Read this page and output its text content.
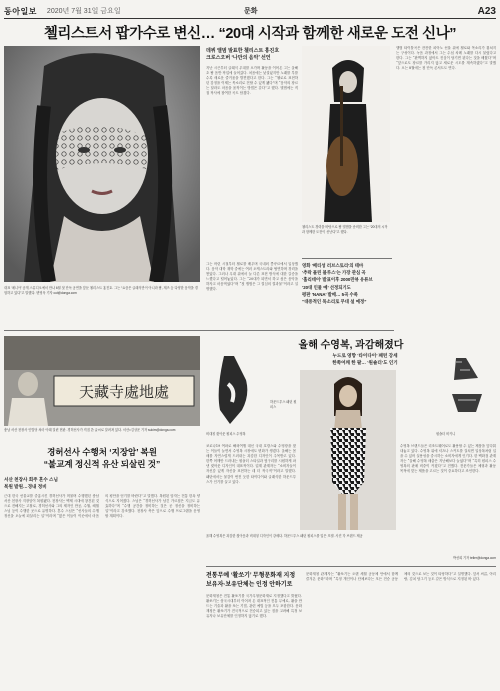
동아일보 2020년 7월 31일 금요일	문화	A23
첼리스트서 팝가수로 변신… “20대 시작과 함께한 새로운 도전 신나”
대표 ‘매니아’ 공개 스튜디오에서 만나 6월 첫 단독 공연을 앞둔 첼리스트 홍진호. 그는 “요즘은 클래식만이 아니라 팝, 재즈 등 다양한 음악을 경험하고 있다”고 말했다. 변영욱 기자 cut@donga.com
데뷔 앨범 발표한 첼리스트 홍진호
크로스오버 ‘나만의 음악’ 선언
지난 시즌부터 클래식 무대를 오가며 활동을 이어온 그는 올해 초 팝 음반 작업에 들어갔다. 처음에는 낯설었지만 노래를 부를수록 새로운 즐거움을 발견했다고 한다. 그는 “첼로로 표현하던 감정을 이제는 목소리로 전할 수 있게 됐다”며 “음악의 장르는 달라도 마음을 움직이는 방법은 같다”고 했다. 앨범에는 직접 작사에 참여한 곡도 담겼다.
첼리스트 경력을 바탕으로 팝 앨범을 준비한 그는 “20대의 시작과 함께한 도전이 신난다”고 했다.
앨범 타이틀곡은 잔잔한 피아노 선율 위에 첼로와 목소리가 겹쳐지는 구성이다. 녹음 과정에서 그는 수십 차례 노래를 다시 불렀다고 한다. 그는 “완벽하지 않아도 진심이 담기면 된다는 것을 배웠다”며 “앞으로도 장르를 가리지 않고 새로운 시도를 계속하겠다”고 말했다. 오는 8월에는 첫 단독 콘서트도 연다.
영화 ‘베티성 러브스토리’의 테마
‘추락 몰린 블루스’는 가장 관심 곡
‘홀리데이’ 발표이후 2000만뷰 유튜브
‘20대 인물 예’ 선정되기도
평판 ‘NANA’ 발매… 5곡 수록
“대중적인 목소리로 무대 설 예정”
그는 어린 시절부터 첼로를 배우며 국내외 콩쿠르에서 입상했다. 음악 대학 재학 중에는 여러 오케스트라와 협연하며 경력을 쌓았다. 그러나 무대 위에서 늘 다른 표현 방식에 대한 갈증을 느꼈다고 털어놓았다. 그는 “20대가 되면서 하고 싶은 음악을 하자고 마음먹었다”며 “첫 앨범은 그 결심의 결과물”이라고 설명했다.
天藏寺處地處
충남 서산 천장사 인법당 처마 아래 걸린 현판. 경허선사가 직접 쓴 글씨로 알려져 있다. 서산=김상운 기자 sukim@donga.com
경허선사 수행처 ‘지장암’ 복원
“불교계 정신적 유산 되살린 것”
서산 천장사 회주 혼수 스님
복원 발원…경내 정비
근대 한국 선불교를 중흥시킨 경허선사가 머물며 수행했던 충남 서산 천장사 지장암이 복원됐다. 천장사는 백제 시대에 창건된 것으로 전해지는 고찰로, 경허선사와 그의 제자인 만공, 수월, 혜월 스님 등이 수행한 곳으로 유명하다. 혼수 스님은 “선사들의 수행 정신을 오늘에 되살리는 일”이라며 “많은 이들이 이곳에서 마음의 평안을 얻기를 바란다”고 말했다. 복원된 암자는 전통 한옥 양식으로 지어졌다. 스님은 “경허선사가 남긴 가르침은 지금도 유효하다”며 “수행 공간을 정비하는 것은 곧 정신을 정비하는 일”이라고 강조했다. 천장사 측은 앞으로 수행 프로그램을 운영할 계획이다.
올해 수영복, 과감해졌다
누드로 영향 ‘타이다이’ 패턴 강세
한쪽어깨 한 팔… ‘원숄더’도 인기
비대칭 컷아웃 원피스 수영복
하운드투스 패턴 원피스
원숄더 비키니
코로나19 여파로 해외여행 대신 국내 호캉스와 수영장을 찾는 이들이 늘면서 수영복 시장에도 변화가 생겼다. 올해는 몸매를 자연스럽게 드러내는 과감한 디자인이 주목받고 있다. 한쪽 어깨만 드러내는 원숄더 스타일과 옆구리를 시원하게 파낸 컷아웃 디자인이 대표적이다. 업계 관계자는 “소비자들이 자신감 있게 자신을 표현하는 데 더 적극적”이라고 말했다. 패턴에서는 물감이 번진 듯한 타이다이와 클래식한 하운드투스가 인기를 끌고 있다.
수영복 브랜드들은 리조트웨어로도 활용할 수 있는 제품을 앞다퉈 내놓고 있다. 수영복 위에 셔츠나 스커트를 걸치면 일상복처럼 입을 수 있어 실용성을 중시하는 소비자에게 인기다. 한 백화점 관계자는 “올해 수영복 매출은 지난해보다 늘었다”며 “특히 원피스 수영복의 판매 비중이 커졌다”고 전했다. 전문가들은 체형과 활동 목적에 맞는 제품을 고르는 것이 중요하다고 조언한다.
올해 수영복은 과감한 컷아웃과 비대칭 디자인이 강세다. 하운드투스 패턴 원피스를 입은 모델. 사진 각 브랜드 제공
박선희 기자 teller@donga.com
전통무예 ‘활쏘기’ 무형문화재 지정
보유자·보유단체는 인정 안하기로
문화재청은 전통 활쏘기를 국가무형문화재로 지정했다고 밝혔다. 활쏘기는 삼국시대부터 이어져 온 대표적인 전통 무예로, 활을 만드는 기술과 활을 쏘는 기법, 관련 예법 등을 모두 포함한다. 문화재청은 활쏘기가 전국적으로 전승되고 있는 점을 고려해 특정 보유자나 보유단체를 인정하지 않기로 했다.
문화재청 관계자는 “활쏘기는 오랜 세월 공동체 안에서 함께 즐겨온 문화”라며 “특정 개인이나 단체보다는 모든 전승 공동체의 것으로 보는 것이 타당하다”고 설명했다. 앞서 씨름, 아리랑, 김치 담그기 등도 같은 방식으로 지정된 바 있다.
